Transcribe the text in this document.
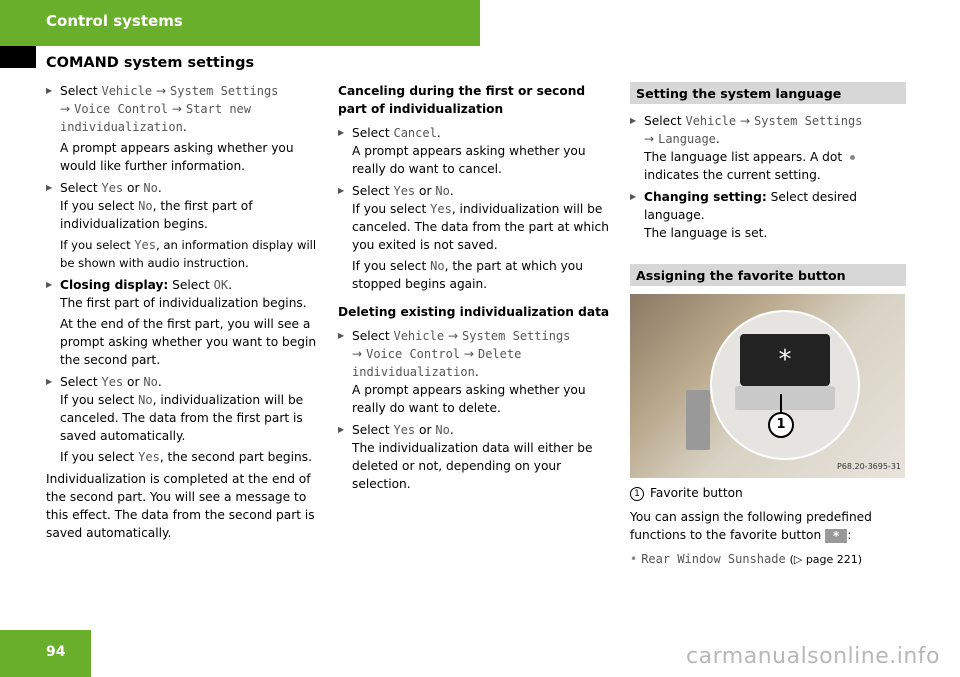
Control systems
COMAND system settings

▶ Select Vehicle → System Settings
→ Voice Control → Start new individualization.

A prompt appears asking whether you would like further information.

▶ Select Yes or No.
If you select No, the first part of individualization begins.

If you select Yes, an information display will be shown with audio instruction.

▶ Closing display: Select OK.
The first part of individualization begins.

At the end of the first part, you will see a prompt asking whether you want to begin the second part.

▶ Select Yes or No.
If you select No, individualization will be canceled. The data from the first part is saved automatically.

If you select Yes, the second part begins.

Individualization is completed at the end of the second part. You will see a message to this effect. The data from the second part is saved automatically.

Canceling during the first or second part of individualization

▶ Select Cancel.
A prompt appears asking whether you really do want to cancel.

▶ Select Yes or No.
If you select Yes, individualization will be canceled. The data from the part at which you exited is not saved.

If you select No, the part at which you stopped begins again.

Deleting existing individualization data

▶ Select Vehicle → System Settings
→ Voice Control → Delete individualization.
A prompt appears asking whether you really do want to delete.

▶ Select Yes or No.
The individualization data will either be deleted or not, depending on your selection.

Setting the system language

▶ Select Vehicle → System Settings
→ Language.
The language list appears. A dot
indicates the current setting.

▶ Changing setting: Select desired language.
The language is set.

Assigning the favorite button
*
1
P68.20-3695-31

1 Favorite button

You can assign the following predefined functions to the favorite button * :

• Rear Window Sunshade (▷ page 221)

94	carmanualsonline.info
